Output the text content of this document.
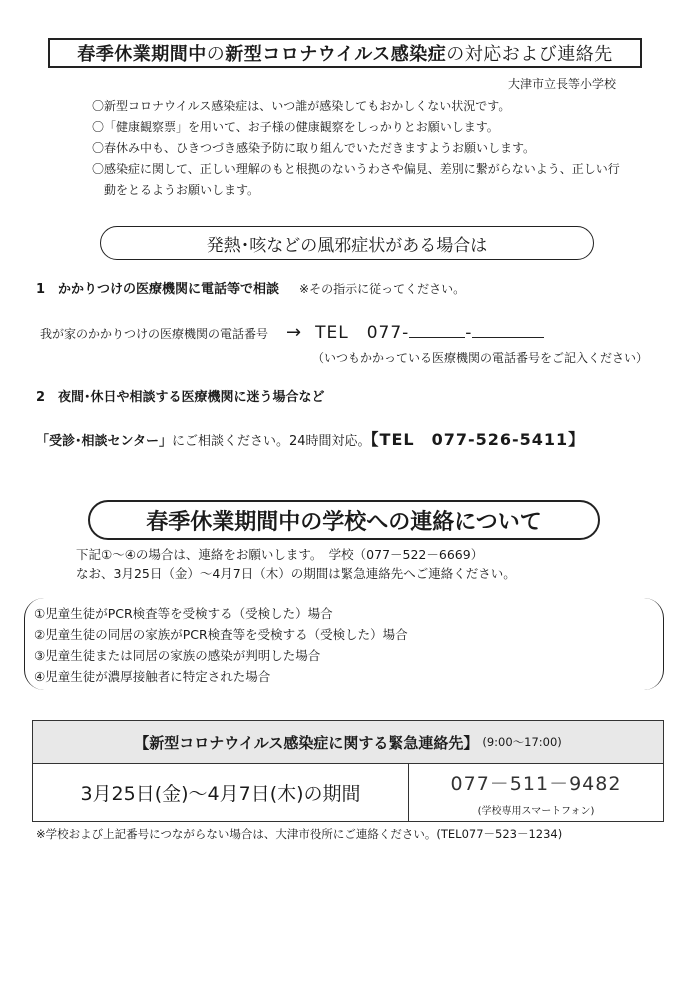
春季休業期間中 の 新型コロナウイルス感染症 の対応および連絡先
大津市立長等小学校
〇新型コロナウイルス感染症は、いつ誰が感染してもおかしくない状況です。
〇「健康観察票」を用いて、お子様の健康観察をしっかりとお願いします。
〇春休み中も、ひきつづき感染予防に取り組んでいただきますようお願いします。
〇感染症に関して、正しい理解のもと根拠のないうわさや偏見、差別に繋がらないよう、正しい行
動をとるようお願いします。
発熱･咳などの風邪症状がある場合は
1　かかりつけの医療機関に電話等で相談 ※その指示に従ってください。
我が家のかかりつけの医療機関の電話番号 → TEL　077-	-
（いつもかかっている医療機関の電話番号をご記入ください）
2　夜間･休日や相談する医療機関に迷う場合など
「受診･相談センター」にご相談ください。24時間対応。【TEL　077-526-5411】
春季休業期間中の学校への連絡について
下記①～④の場合は、連絡をお願いします。　学校（077－522－6669）
なお、3月25日（金）～4月7日（木）の期間は緊急連絡先へご連絡ください。
①児童生徒がPCR検査等を受検する（受検した）場合
②児童生徒の同居の家族がPCR検査等を受検する（受検した）場合
③児童生徒または同居の家族の感染が判明した場合
④児童生徒が濃厚接触者に特定された場合
【新型コロナウイルス感染症に関する緊急連絡先】 (9:00～17:00)
3月25日(金)～4月7日(木)の期間	077－511－9482
(学校専用スマートフォン)
※学校および上記番号につながらない場合は、大津市役所にご連絡ください。(TEL077－523－1234)
